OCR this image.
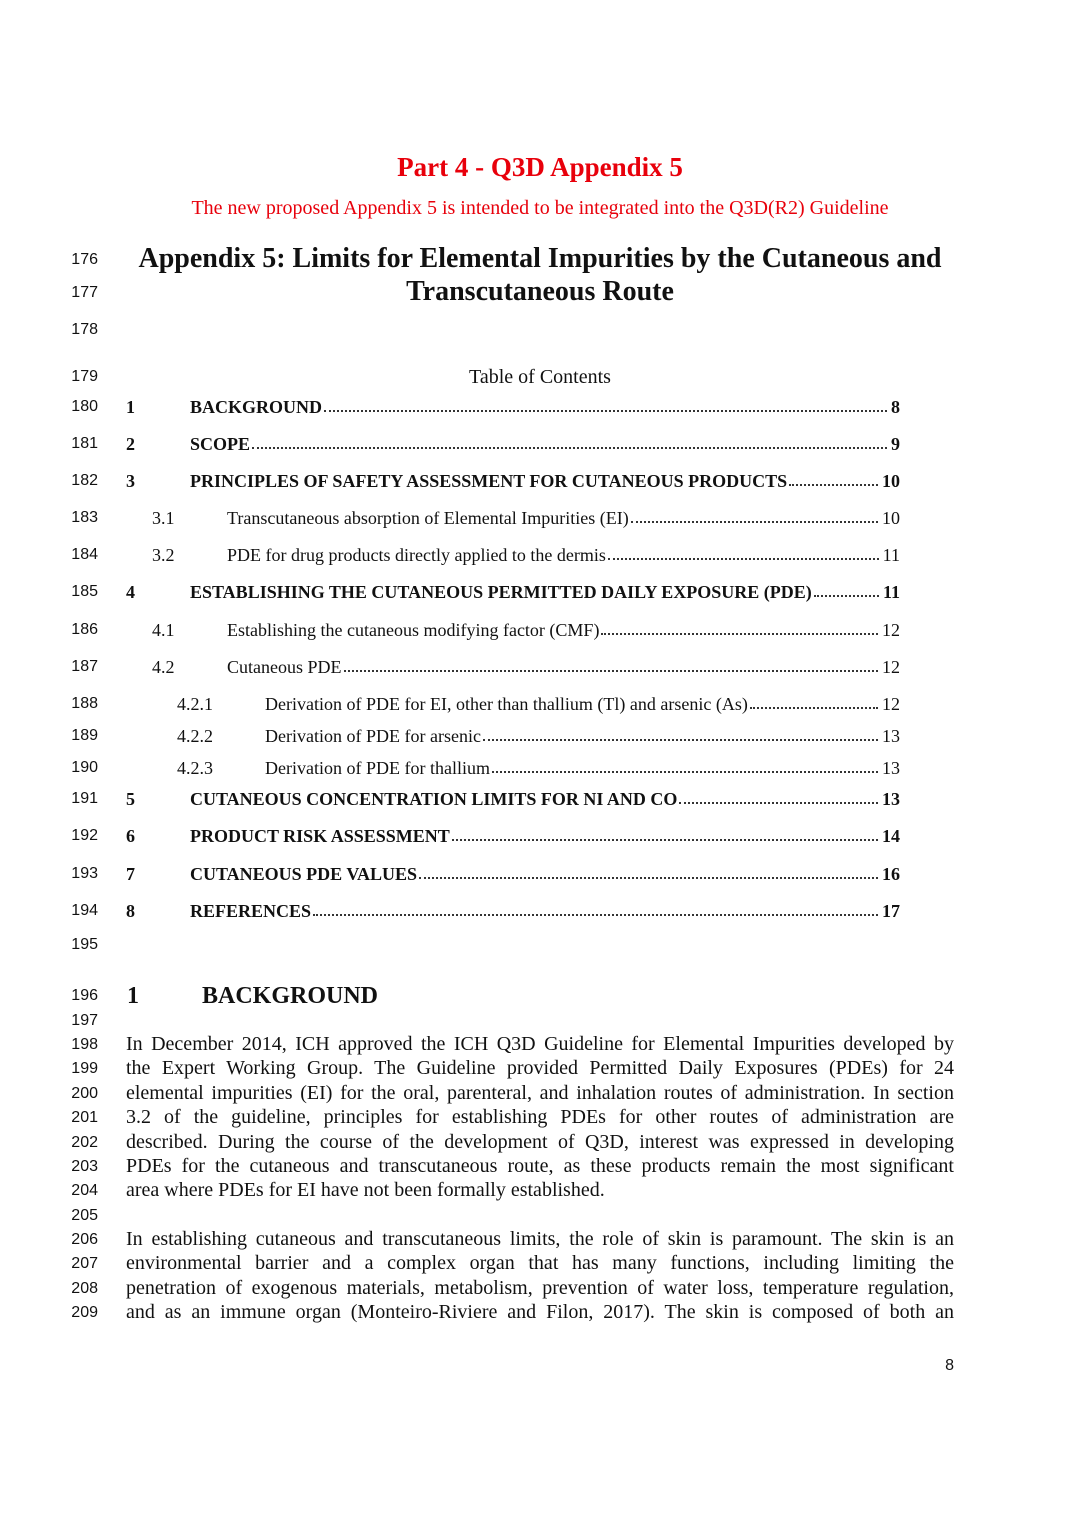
Part 4 - Q3D Appendix 5
The new proposed Appendix 5 is intended to be integrated into the Q3D(R2) Guideline
176	Appendix 5: Limits for Elemental Impurities by the Cutaneous and
177	Transcutaneous Route
178
179	Table of Contents
180 1	BACKGROUND	8
181 2	SCOPE	9
182 3	PRINCIPLES OF SAFETY ASSESSMENT FOR CUTANEOUS PRODUCTS	10
183	3.1	Transcutaneous absorption of Elemental Impurities (EI)	10
184	3.2	PDE for drug products directly applied to the dermis	11
185 4	ESTABLISHING THE CUTANEOUS PERMITTED DAILY EXPOSURE (PDE)	11
186	4.1	Establishing the cutaneous modifying factor (CMF)	12
187	4.2	Cutaneous PDE	12
188	4.2.1	Derivation of PDE for EI, other than thallium (Tl) and arsenic (As)	12
189	4.2.2	Derivation of PDE for arsenic	13
190	4.2.3	Derivation of PDE for thallium	13
191 5	CUTANEOUS CONCENTRATION LIMITS FOR NI AND CO	13
192 6	PRODUCT RISK ASSESSMENT	14
193 7	CUTANEOUS PDE VALUES	16
194 8	REFERENCES	17
195
196 1	BACKGROUND
197
198
199
200
201
202
203
204
In December 2014, ICH approved the ICH Q3D Guideline for Elemental Impurities developed by
the Expert Working Group. The Guideline provided Permitted Daily Exposures (PDEs) for 24
elemental impurities (EI) for the oral, parenteral, and inhalation routes of administration. In section
3.2 of the guideline, principles for establishing PDEs for other routes of administration are
described. During the course of the development of Q3D, interest was expressed in developing
PDEs for the cutaneous and transcutaneous route, as these products remain the most significant
area where PDEs for EI have not been formally established.
205
206
207
208
209
In establishing cutaneous and transcutaneous limits, the role of skin is paramount. The skin is an
environmental barrier and a complex organ that has many functions, including limiting the
penetration of exogenous materials, metabolism, prevention of water loss, temperature regulation,
and as an immune organ (Monteiro-Riviere and Filon, 2017). The skin is composed of both an
8
